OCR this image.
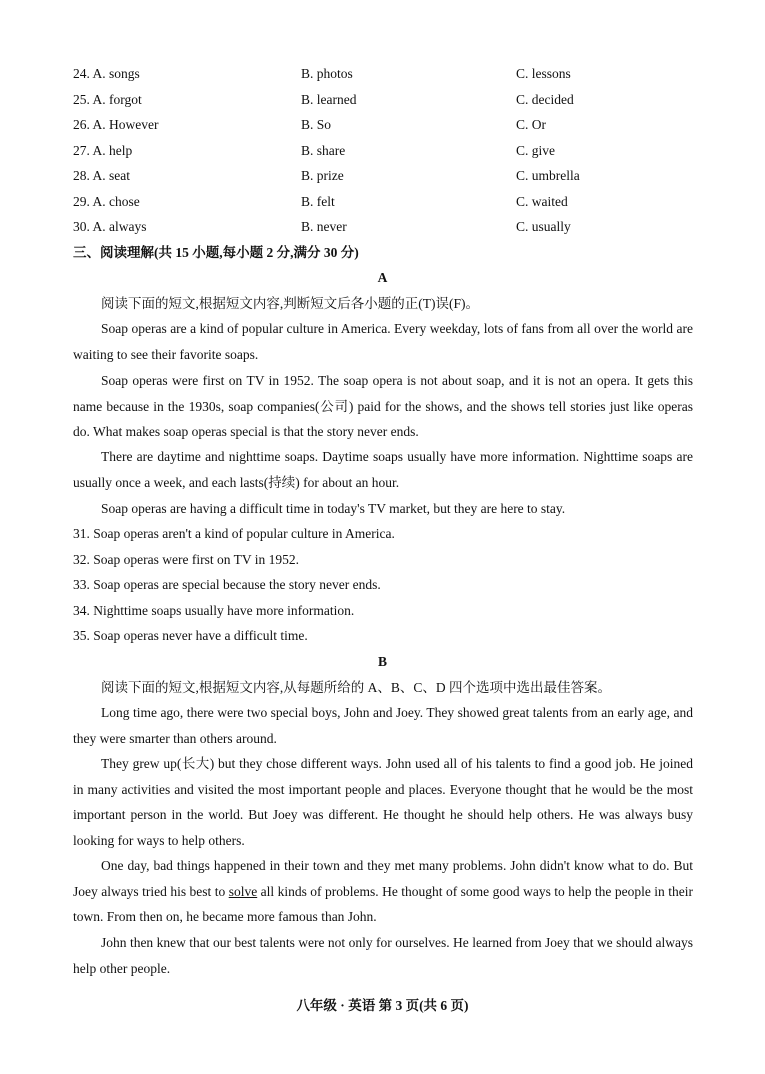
24. A. songs	B. photos	C. lessons
25. A. forgot	B. learned	C. decided
26. A. However	B. So	C. Or
27. A. help	B. share	C. give
28. A. seat	B. prize	C. umbrella
29. A. chose	B. felt	C. waited
30. A. always	B. never	C. usually
三、阅读理解(共 15 小题,每小题 2 分,满分 30 分)
A
阅读下面的短文,根据短文内容,判断短文后各小题的正(T)误(F)。
Soap operas are a kind of popular culture in America. Every weekday, lots of fans from all over the world are waiting to see their favorite soaps.
Soap operas were first on TV in 1952. The soap opera is not about soap, and it is not an opera. It gets this name because in the 1930s, soap companies(公司) paid for the shows, and the shows tell stories just like operas do. What makes soap operas special is that the story never ends.
There are daytime and nighttime soaps. Daytime soaps usually have more information. Nighttime soaps are usually once a week, and each lasts(持续) for about an hour.
Soap operas are having a difficult time in today's TV market, but they are here to stay.
31. Soap operas aren't a kind of popular culture in America.
32. Soap operas were first on TV in 1952.
33. Soap operas are special because the story never ends.
34. Nighttime soaps usually have more information.
35. Soap operas never have a difficult time.
B
阅读下面的短文,根据短文内容,从每题所给的 A、B、C、D 四个选项中选出最佳答案。
Long time ago, there were two special boys, John and Joey. They showed great talents from an early age, and they were smarter than others around.
They grew up(长大) but they chose different ways. John used all of his talents to find a good job. He joined in many activities and visited the most important people and places. Everyone thought that he would be the most important person in the world. But Joey was different. He thought he should help others. He was always busy looking for ways to help others.
One day, bad things happened in their town and they met many problems. John didn't know what to do. But Joey always tried his best to solve all kinds of problems. He thought of some good ways to help the people in their town. From then on, he became more famous than John.
John then knew that our best talents were not only for ourselves. He learned from Joey that we should always help other people.
八年级 · 英语 第 3 页(共 6 页)
